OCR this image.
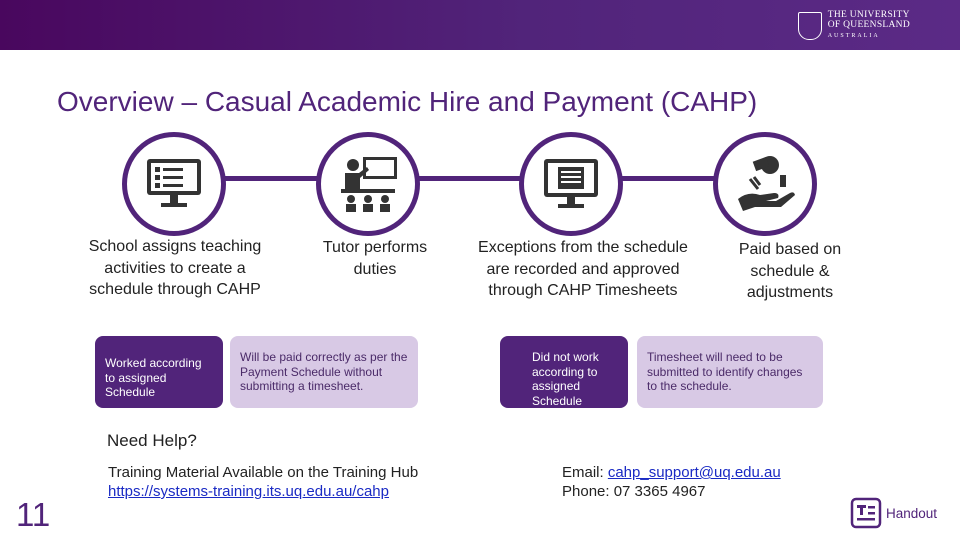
THE UNIVERSITY
OF QUEENSLAND
AUSTRALIA
Overview – Casual Academic Hire and Payment (CAHP)
School assigns teaching activities to create a schedule through CAHP
Tutor performs duties
Exceptions from the schedule are recorded and approved through CAHP Timesheets
Paid based on schedule & adjustments
Worked according to assigned Schedule
Will be paid correctly as per the Payment Schedule without submitting a timesheet.
Did not work according to assigned Schedule
Timesheet will need to be submitted to identify changes to the schedule.
Need Help?
Training Material Available on the Training Hub
https://systems-training.its.uq.edu.au/cahp
Email: cahp_support@uq.edu.au
Phone: 07 3365 4967
11	Handout
